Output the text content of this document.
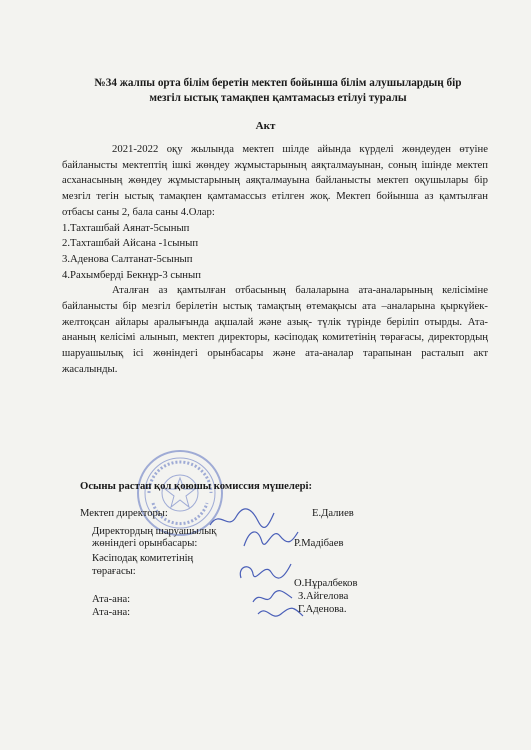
№34 жалпы орта білім беретін мектеп бойынша білім алушылардың бір
мезгіл ыстық тамақпен қамтамасыз етілуі туралы
Акт

2021-2022 оқу жылында мектеп шілде айында күрделі жөндеуден өтуіне байланысты мектептің ішкі жөндеу жұмыстарының аяқталмауынан, соның ішінде мектеп асханасының жөндеу жұмыстарының аяқталмауына байланысты мектеп оқушылары бір мезгіл тегін ыстық тамақпен қамтамассыз етілген жоқ. Мектеп бойынша аз қамтылған отбасы саны 2, бала саны 4.Олар:

1.Тахташбай Аянат-5сынып

2.Тахташбай Айсана -1сынып

3.Аденова Салтанат-5сынып

4.Рахымберді Бекнұр-3 сынып

Аталған аз қамтылған отбасының балаларына ата-аналарының келісіміне байланысты бір мезгіл берілетін ыстық тамақтың өтемақысы ата –аналарына қыркүйек-желтоқсан айлары аралығында ақшалай және азық- түлік түрінде берілiп отырды. Ата-ананың келісімі алынып, мектеп директоры, кәсіподақ комитетінің төрағасы, директордың шаруашылық ісі жөніндегі орынбасары және ата-аналар тарапынан расталып акт жасалынды.

Осыны растап қол қоюшы комиссия мүшелері:
Мектеп директоры:	Е.Далиев
Директордың шаруашылық
жөніндегі орынбасары:	Р.Мадібаев
Кәсіподақ комитетінің
төрағасы:
О.Нұралбеков
Ата-ана:	З.Айгелова
Ата-ана:	Г.Аденова.
